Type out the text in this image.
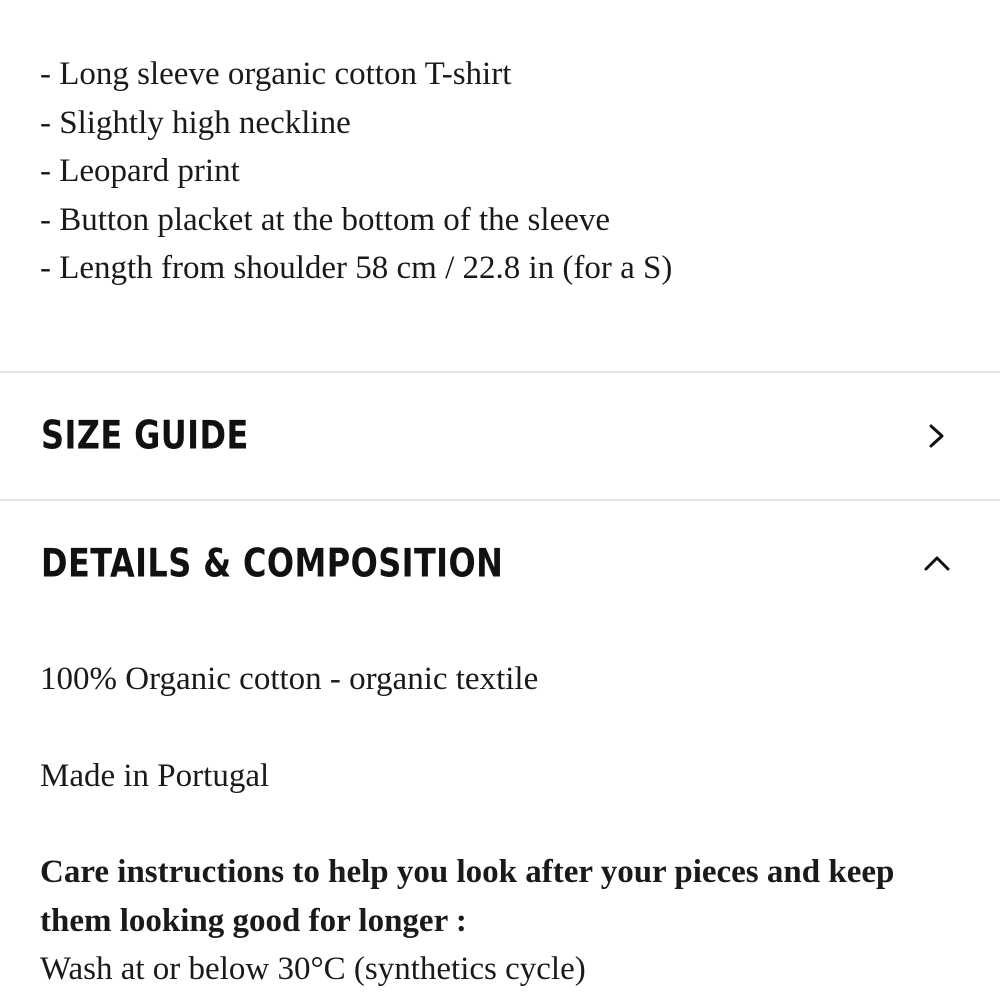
- Long sleeve organic cotton T-shirt
- Slightly high neckline
- Leopard print
- Button placket at the bottom of the sleeve
- Length from shoulder 58 cm / 22.8 in (for a S)
SIZE GUIDE
DETAILS & COMPOSITION

100% Organic cotton - organic textile

Made in Portugal

Care instructions to help you look after your pieces and keep them looking good for longer :

Wash at or below 30°C (synthetics cycle)
